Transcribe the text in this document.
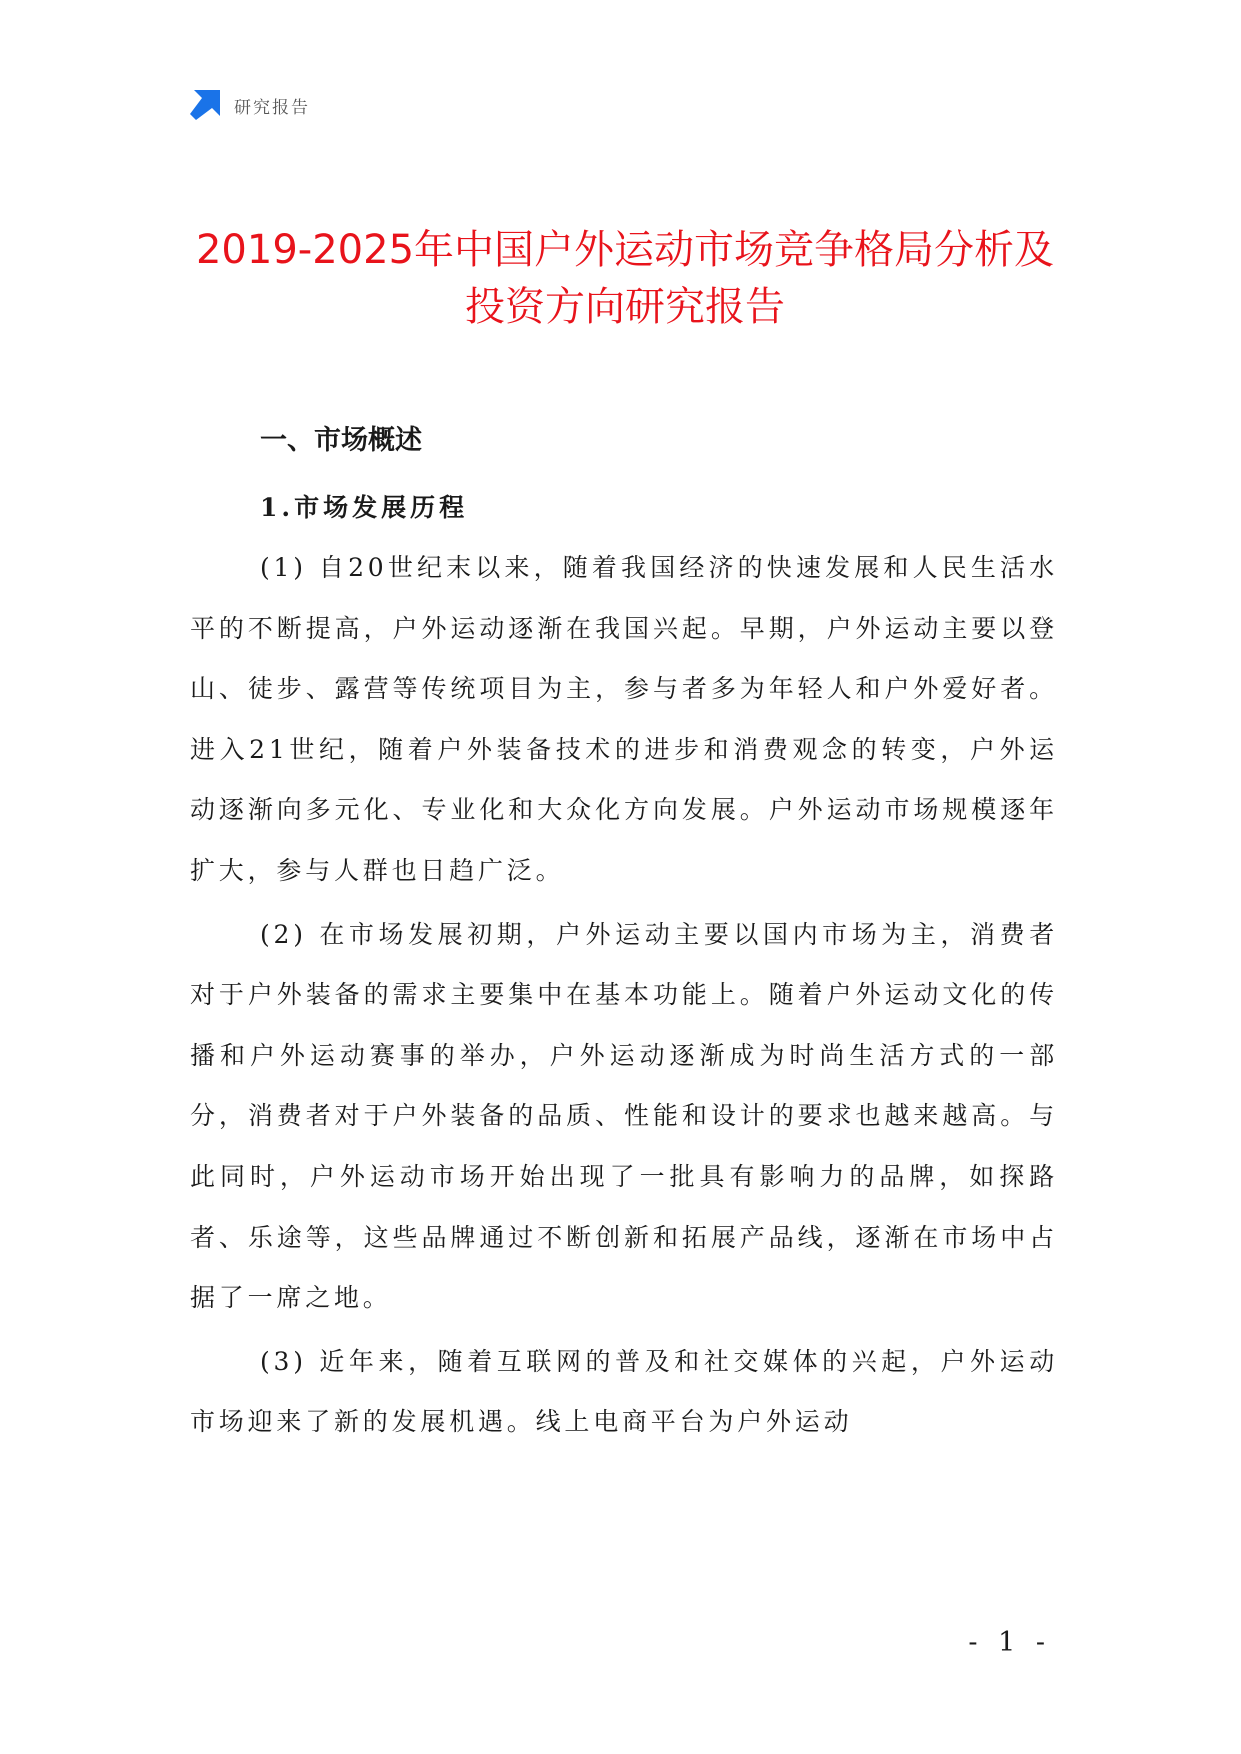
研究报告
2019-2025年中国户外运动市场竞争格局分析及投资方向研究报告
一、市场概述
1.市场发展历程

(1) 自20世纪末以来，随着我国经济的快速发展和人民生活水平的不断提高，户外运动逐渐在我国兴起。早期，户外运动主要以登山、徒步、露营等传统项目为主，参与者多为年轻人和户外爱好者。进入21世纪，随着户外装备技术的进步和消费观念的转变，户外运动逐渐向多元化、专业化和大众化方向发展。户外运动市场规模逐年扩大，参与人群也日趋广泛。

(2) 在市场发展初期，户外运动主要以国内市场为主，消费者对于户外装备的需求主要集中在基本功能上。随着户外运动文化的传播和户外运动赛事的举办，户外运动逐渐成为时尚生活方式的一部分，消费者对于户外装备的品质、性能和设计的要求也越来越高。与此同时，户外运动市场开始出现了一批具有影响力的品牌，如探路者、乐途等，这些品牌通过不断创新和拓展产品线，逐渐在市场中占据了一席之地。

(3) 近年来，随着互联网的普及和社交媒体的兴起，户外运动市场迎来了新的发展机遇。线上电商平台为户外运动

- 1 -
